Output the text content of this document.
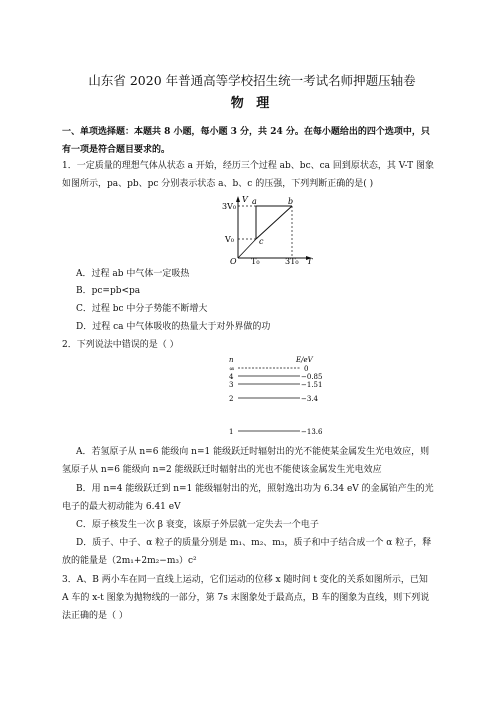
山东省 2020 年普通高等学校招生统一考试名师押题压轴卷
物 理
一、单项选择题：本题共 8 小题，每小题 3 分，共 24 分。在每小题给出的四个选项中，只
有一项是符合题目要求的。
1．一定质量的理想气体从状态 a 开始，经历三个过程 ab、bc、ca 回到原状态，其 V-T 图象
如图所示，pa、pb、pc 分别表示状态 a、b、c 的压强，下列判断正确的是( )
3V₀
V₀
V
T
O T₀	3T₀
a	b
c
A．过程 ab 中气体一定吸热
B．pc=pb<pa
C．过程 bc 中分子势能不断增大
D．过程 ca 中气体吸收的热量大于对外界做的功
2．下列说法中错误的是（ ）
n	E/eV
∞	0
4	−0.85
3	−1.51
2	−3.4
1	−13.6
A．若氢原子从 n=6 能级向 n=1 能级跃迁时辐射出的光不能使某金属发生光电效应，则
氢原子从 n=6 能级向 n=2 能级跃迁时辐射出的光也不能使该金属发生光电效应
B．用 n=4 能级跃迁到 n=1 能级辐射出的光，照射逸出功为 6.34 eV 的金属铂产生的光
电子的最大初动能为 6.41 eV
C．原子核发生一次 β 衰变，该原子外层就一定失去一个电子
D．质子、中子、α 粒子的质量分别是 m₁、m₂、m₃，质子和中子结合成一个 α 粒子，释
放的能量是（2m₁+2m₂−m₃）c²
3．A、B 两小车在同一直线上运动，它们运动的位移 x 随时间 t 变化的关系如图所示，已知
A 车的 x-t 图象为抛物线的一部分，第 7s 末图象处于最高点，B 车的图象为直线，则下列说
法正确的是（ ）
